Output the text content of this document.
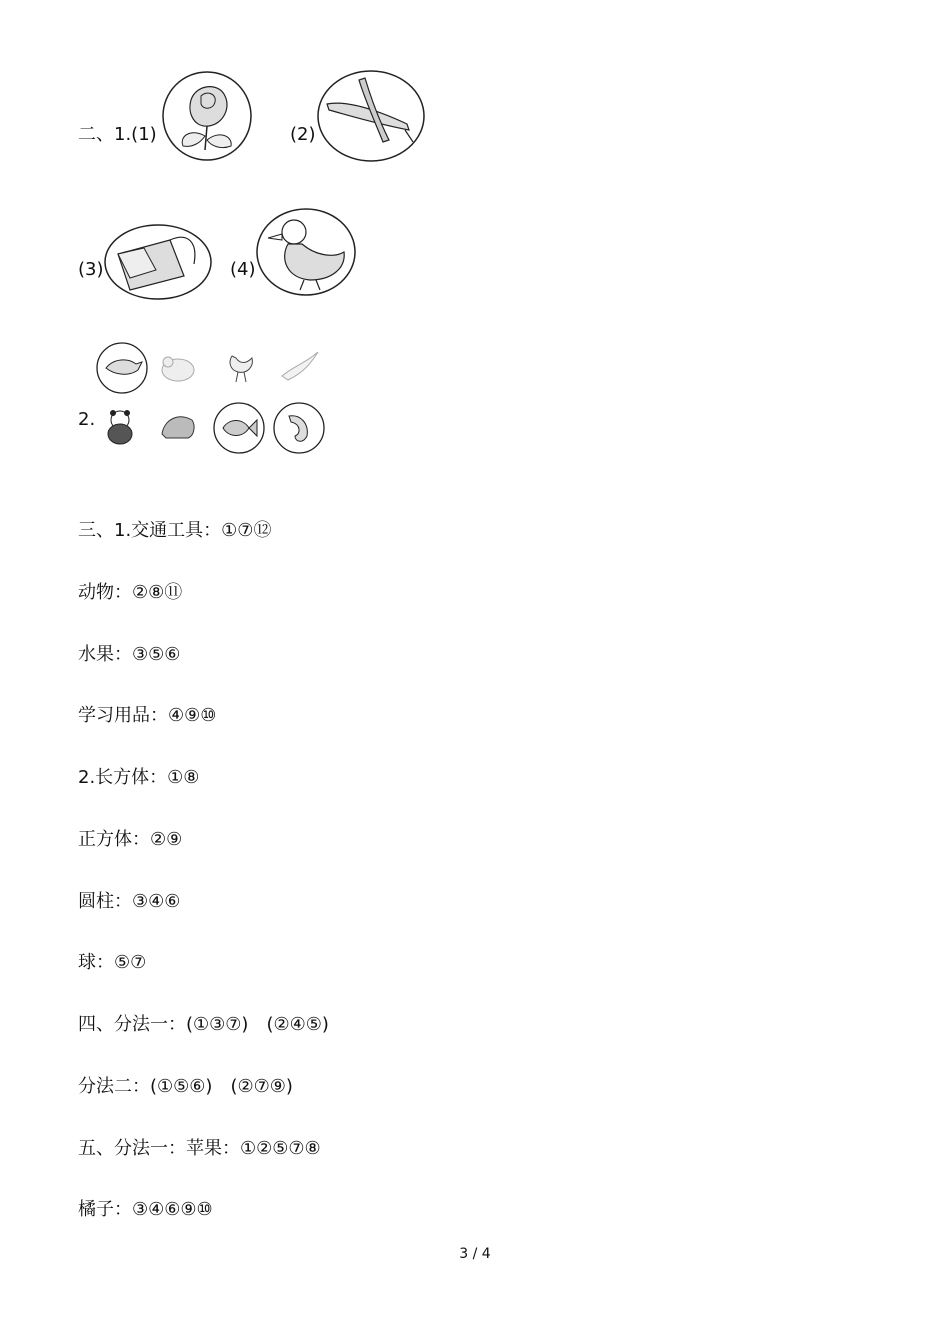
二、1.(1)	(2)
(3)	(4)
2.
三、1.交通工具：①⑦⑫
动物：②⑧⑪
水果：③⑤⑥
学习用品：④⑨⑩
2.长方体：①⑧
正方体：②⑨
圆柱：③④⑥
球：⑤⑦
四、分法一：(①③⑦)　(②④⑤)
分法二：(①⑤⑥)　(②⑦⑨)
五、分法一：苹果：①②⑤⑦⑧
橘子：③④⑥⑨⑩
3 / 4
